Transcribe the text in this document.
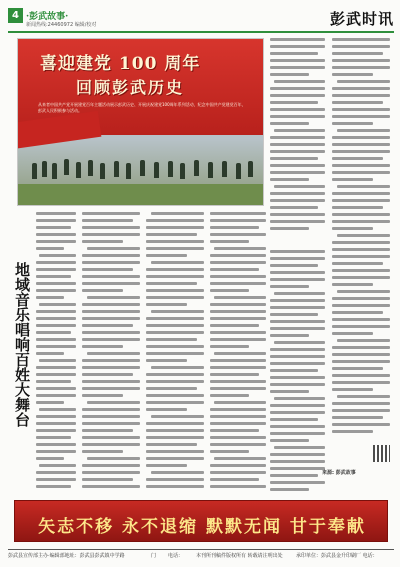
4 ·彭武故事·
新闻热线:24460972 编辑/校对	彭武时讯
喜迎建党 100 周年
回顾彭武历史
从来者中国共产党开展建党百年主题活动展示彭武历史、开展庆祝建党100周年系列活动，纪念中国共产党建党百年，彭武人民积极参与活动。
地域音乐唱响百姓大舞台
来源: 彭武故事
矢志不移 永不退缩 默默无闻 甘于奉献
彭武县宣传部主办·编辑部地址：彭武县彭武镇中学路	门 电话：	本刊所刊稿件版权所有 转载请注明出处	承印单位：彭武县金升印刷厂 电话：
